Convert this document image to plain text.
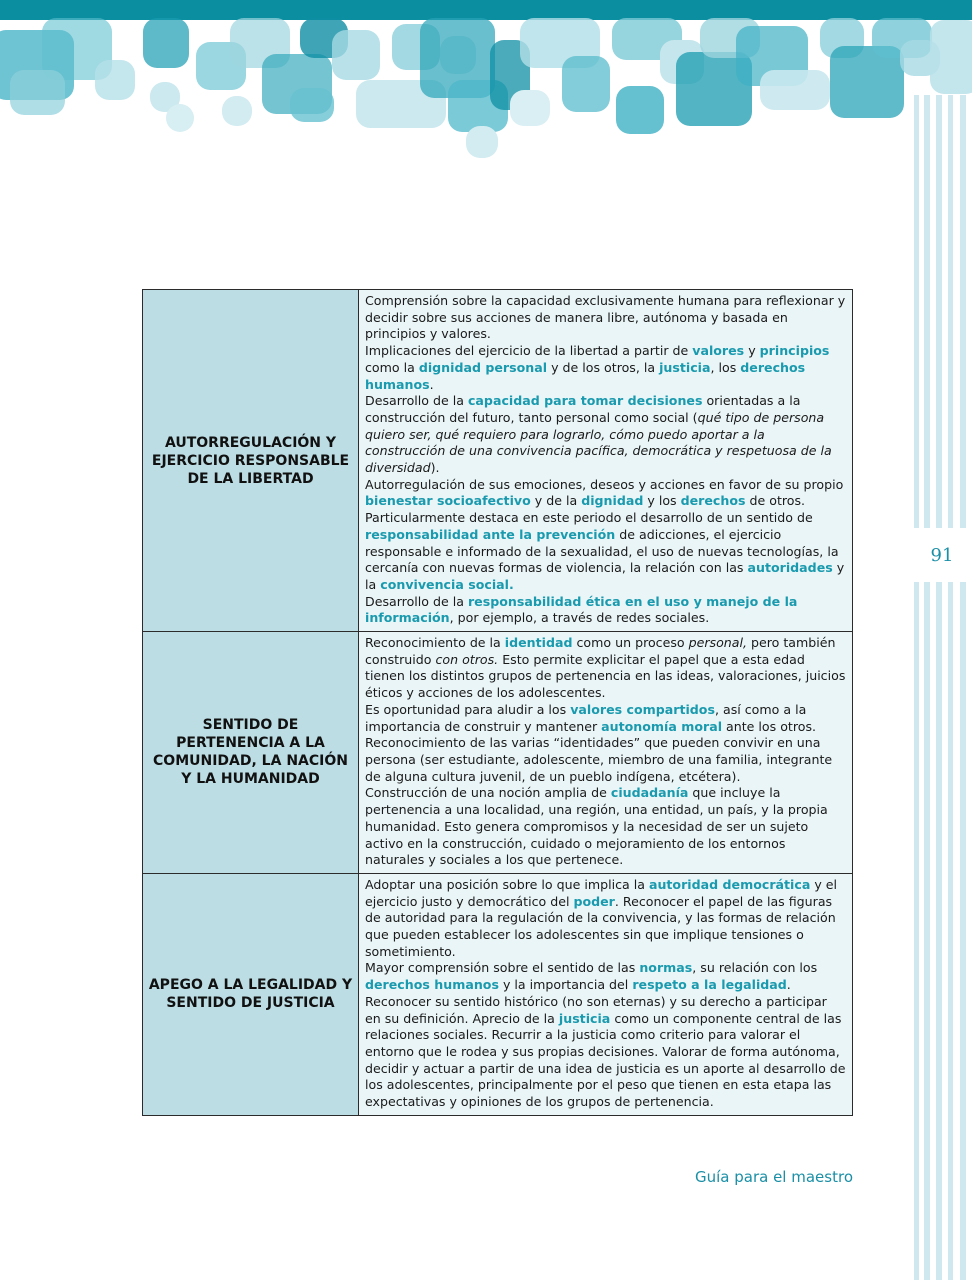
91
AUTORREGULACIÓN Y EJERCICIO RESPONSABLE DE LA LIBERTAD	Comprensión sobre la capacidad exclusivamente humana para reflexionar y decidir sobre sus acciones de manera libre, autónoma y basada en principios y valores.

Implicaciones del ejercicio de la libertad a partir de valores y principios como la dignidad personal y de los otros, la justicia, los derechos humanos.

Desarrollo de la capacidad para tomar decisiones orientadas a la construcción del futuro, tanto personal como social (qué tipo de persona quiero ser, qué requiero para lograrlo, cómo puedo aportar a la construcción de una convivencia pacífica, democrática y respetuosa de la diversidad).

Autorregulación de sus emociones, deseos y acciones en favor de su propio bienestar socioafectivo y de la dignidad y los derechos de otros. Particularmente destaca en este periodo el desarrollo de un sentido de responsabilidad ante la prevención de adicciones, el ejercicio responsable e informado de la sexualidad, el uso de nuevas tecnologías, la cercanía con nuevas formas de violencia, la relación con las autoridades y la convivencia social.

Desarrollo de la responsabilidad ética en el uso y manejo de la información, por ejemplo, a través de redes sociales.

SENTIDO DE PERTENENCIA A LA COMUNIDAD, LA NACIÓN Y LA HUMANIDAD	Reconocimiento de la identidad como un proceso personal, pero también construido con otros. Esto permite explicitar el papel que a esta edad tienen los distintos grupos de pertenencia en las ideas, valoraciones, juicios éticos y acciones de los adolescentes.

Es oportunidad para aludir a los valores compartidos, así como a la importancia de construir y mantener autonomía moral ante los otros.

Reconocimiento de las varias “identidades” que pueden convivir en una persona (ser estudiante, adolescente, miembro de una familia, integrante de alguna cultura juvenil, de un pueblo indígena, etcétera).

Construcción de una noción amplia de ciudadanía que incluye la pertenencia a una localidad, una región, una entidad, un país, y la propia humanidad. Esto genera compromisos y la necesidad de ser un sujeto activo en la construcción, cuidado o mejoramiento de los entornos naturales y sociales a los que pertenece.

APEGO A LA LEGALIDAD Y SENTIDO DE JUSTICIA	Adoptar una posición sobre lo que implica la autoridad democrática y el ejercicio justo y democrático del poder. Reconocer el papel de las figuras de autoridad para la regulación de la convivencia, y las formas de relación que pueden establecer los adolescentes sin que implique tensiones o sometimiento.

Mayor comprensión sobre el sentido de las normas, su relación con los derechos humanos y la importancia del respeto a la legalidad. Reconocer su sentido histórico (no son eternas) y su derecho a participar en su definición. Aprecio de la justicia como un componente central de las relaciones sociales. Recurrir a la justicia como criterio para valorar el entorno que le rodea y sus propias decisiones. Valorar de forma autónoma, decidir y actuar a partir de una idea de justicia es un aporte al desarrollo de los adolescentes, principalmente por el peso que tienen en esta etapa las expectativas y opiniones de los grupos de pertenencia.

Guía para el maestro
